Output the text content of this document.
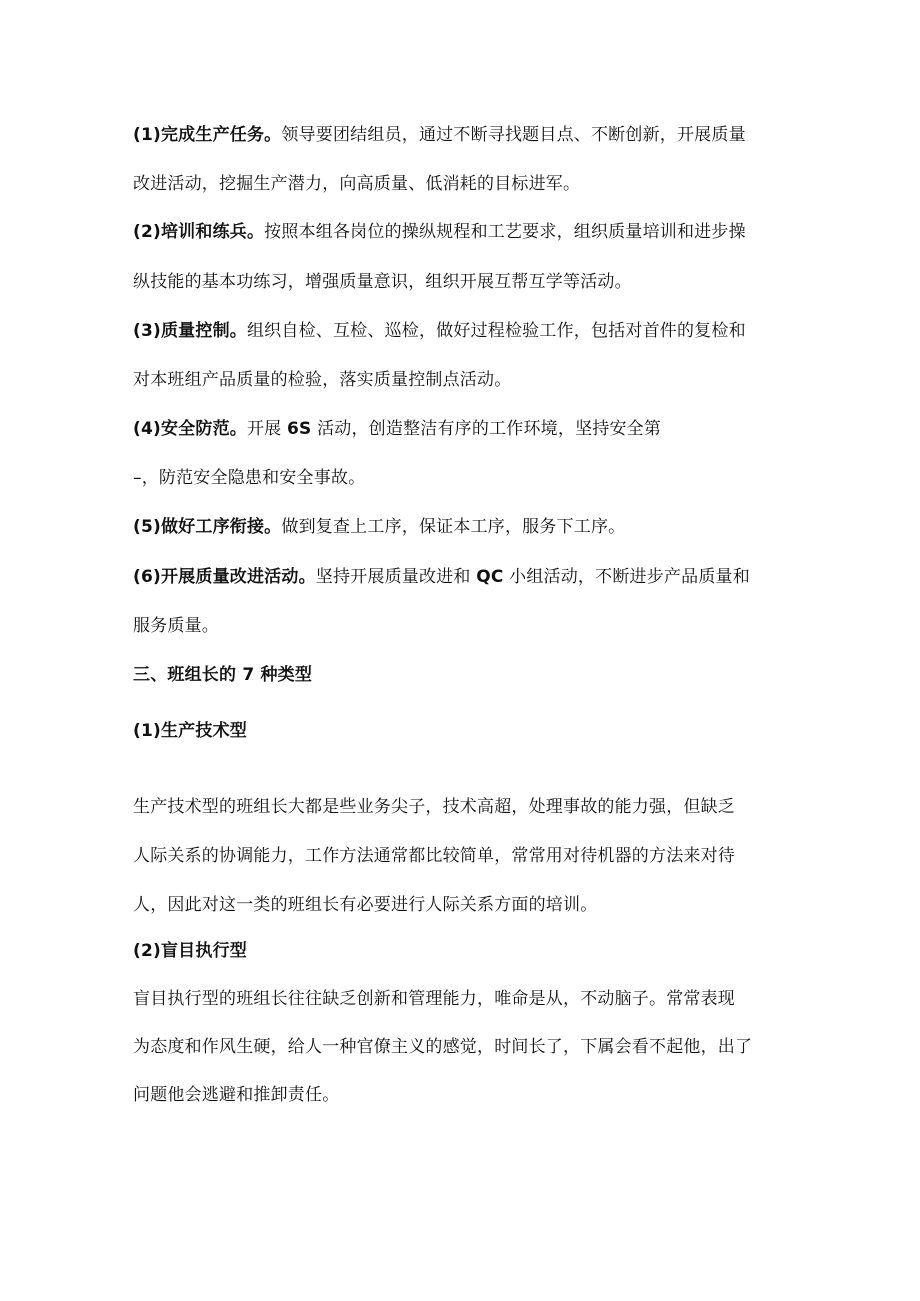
(1)完成生产任务。领导要团结组员，通过不断寻找题目点、不断创新，开展质量
改进活动，挖掘生产潜力，向高质量、低消耗的目标进军。
(2)培训和练兵。按照本组各岗位的操纵规程和工艺要求，组织质量培训和进步操
纵技能的基本功练习，增强质量意识，组织开展互帮互学等活动。
(3)质量控制。组织自检、互检、巡检，做好过程检验工作，包括对首件的复检和
对本班组产品质量的检验，落实质量控制点活动。
(4)安全防范。开展 6S 活动，创造整洁有序的工作环境，坚持安全第
–，防范安全隐患和安全事故。
(5)做好工序衔接。做到复查上工序，保证本工序，服务下工序。
(6)开展质量改进活动。坚持开展质量改进和 QC 小组活动，不断进步产品质量和
服务质量。
三、班组长的 7 种类型
(1)生产技术型
生产技术型的班组长大都是些业务尖子，技术高超，处理事故的能力强，但缺乏
人际关系的协调能力，工作方法通常都比较简单，常常用对待机器的方法来对待
人，因此对这一类的班组长有必要进行人际关系方面的培训。
(2)盲目执行型
盲目执行型的班组长往往缺乏创新和管理能力，唯命是从，不动脑子。常常表现
为态度和作风生硬，给人一种官僚主义的感觉，时间长了，下属会看不起他，出了
问题他会逃避和推卸责任。
